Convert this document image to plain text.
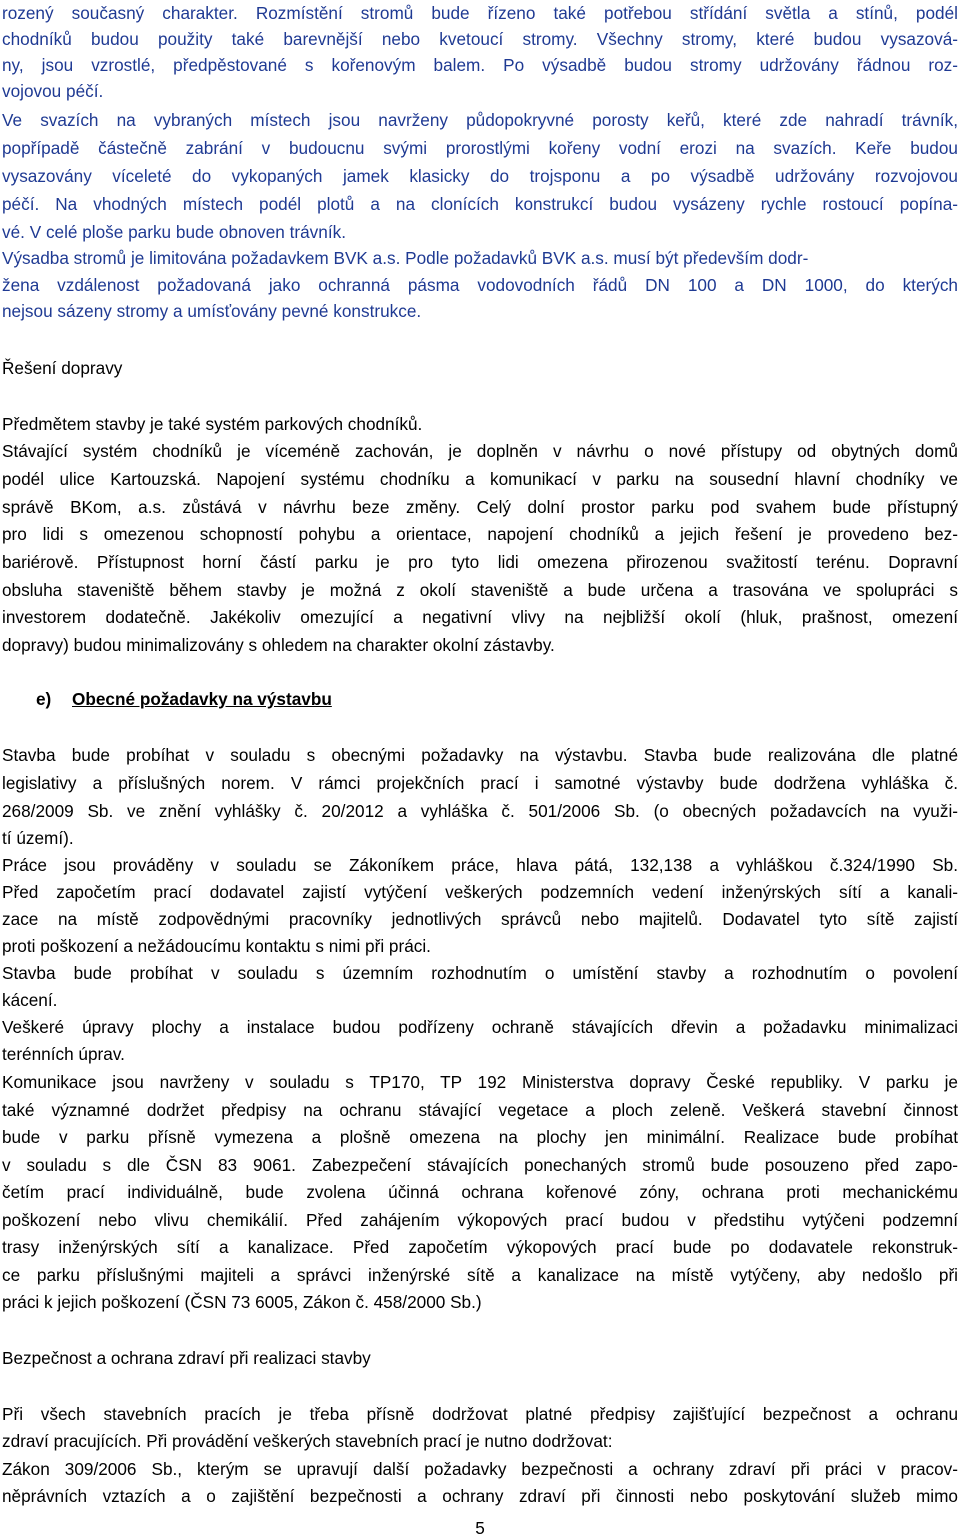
rozený současný charakter. Rozmístění stromů bude řízeno také potřebou střídání světla a stínů, podél
chodníků budou použity také barevnější nebo kvetoucí stromy. Všechny stromy, které budou vysazová-
ny, jsou vzrostlé, předpěstované s kořenovým balem. Po výsadbě budou stromy udržovány řádnou roz-
vojovou péčí.
Ve svazích na vybraných místech jsou navrženy půdopokryvné porosty keřů, které zde nahradí trávník,
popřípadě částečně zabrání v budoucnu svými prorostlými kořeny vodní erozi na svazích. Keře budou
vysazovány víceleté do vykopaných jamek klasicky do trojsponu a po výsadbě udržovány rozvojovou
péčí. Na vhodných místech podél plotů a na clonících konstrukcí budou vysázeny rychle rostoucí popína-
vé. V celé ploše parku bude obnoven trávník.
Výsadba stromů je limitována požadavkem BVK a.s. Podle požadavků BVK a.s. musí být především dodr-
žena vzdálenost požadovaná jako ochranná pásma vodovodních řádů DN 100 a DN 1000, do kterých
nejsou sázeny stromy a umísťovány pevné konstrukce.
Řešení dopravy
Předmětem stavby je také systém parkových chodníků.
Stávající systém chodníků je víceméně zachován, je doplněn v návrhu o nové přístupy od obytných domů
podél ulice Kartouzská. Napojení systému chodníku a komunikací v parku na sousední hlavní chodníky ve
správě BKom, a.s. zůstává v návrhu beze změny. Celý dolní prostor parku pod svahem bude přístupný
pro lidi s omezenou schopností pohybu a orientace, napojení chodníků a jejich řešení je provedeno bez-
bariérově. Přístupnost horní částí parku je pro tyto lidi omezena přirozenou svažitostí terénu. Dopravní
obsluha staveniště během stavby je možná z okolí staveniště a bude určena a trasována ve spolupráci s
investorem dodatečně. Jakékoliv omezující a negativní vlivy na nejbližší okolí (hluk, prašnost, omezení
dopravy) budou minimalizovány s ohledem na charakter okolní zástavby.
e) Obecné požadavky na výstavbu
Stavba bude probíhat v souladu s obecnými požadavky na výstavbu. Stavba bude realizována dle platné
legislativy a příslušných norem. V rámci projekčních prací i samotné výstavby bude dodržena vyhláška č.
268/2009 Sb. ve znění vyhlášky č. 20/2012 a vyhláška č. 501/2006 Sb. (o obecných požadavcích na využi-
tí území).
Práce jsou prováděny v souladu se Zákoníkem práce, hlava pátá, 132,138 a vyhláškou č.324/1990 Sb.
Před započetím prací dodavatel zajistí vytýčení veškerých podzemních vedení inženýrských sítí a kanali-
zace na místě zodpovědnými pracovníky jednotlivých správců nebo majitelů. Dodavatel tyto sítě zajistí
proti poškození a nežádoucímu kontaktu s nimi při práci.
Stavba bude probíhat v souladu s územním rozhodnutím o umístění stavby a rozhodnutím o povolení
kácení.
Veškeré úpravy plochy a instalace budou podřízeny ochraně stávajících dřevin a požadavku minimalizaci
terénních úprav.
Komunikace jsou navrženy v souladu s TP170, TP 192 Ministerstva dopravy České republiky. V parku je
také významné dodržet předpisy na ochranu stávající vegetace a ploch zeleně. Veškerá stavební činnost
bude v parku přísně vymezena a plošně omezena na plochy jen minimální. Realizace bude probíhat
v souladu s dle ČSN 83 9061. Zabezpečení stávajících ponechaných stromů bude posouzeno před zapo-
četím prací individuálně, bude zvolena účinná ochrana kořenové zóny, ochrana proti mechanickému
poškození nebo vlivu chemikálií. Před zahájením výkopových prací budou v předstihu vytýčeni podzemní
trasy inženýrských sítí a kanalizace. Před započetím výkopových prací bude po dodavatele rekonstruk-
ce parku příslušnými majiteli a správci inženýrské sítě a kanalizace na místě vytýčeny, aby nedošlo při
práci k jejich poškození (ČSN 73 6005, Zákon č. 458/2000 Sb.)
Bezpečnost a ochrana zdraví při realizaci stavby
Při všech stavebních pracích je třeba přísně dodržovat platné předpisy zajišťující bezpečnost a ochranu
zdraví pracujících. Při provádění veškerých stavebních prací je nutno dodržovat:
Zákon 309/2006 Sb., kterým se upravují další požadavky bezpečnosti a ochrany zdraví při práci v pracov-
něprávních vztazích a o zajištění bezpečnosti a ochrany zdraví při činnosti nebo poskytování služeb mimo
5
